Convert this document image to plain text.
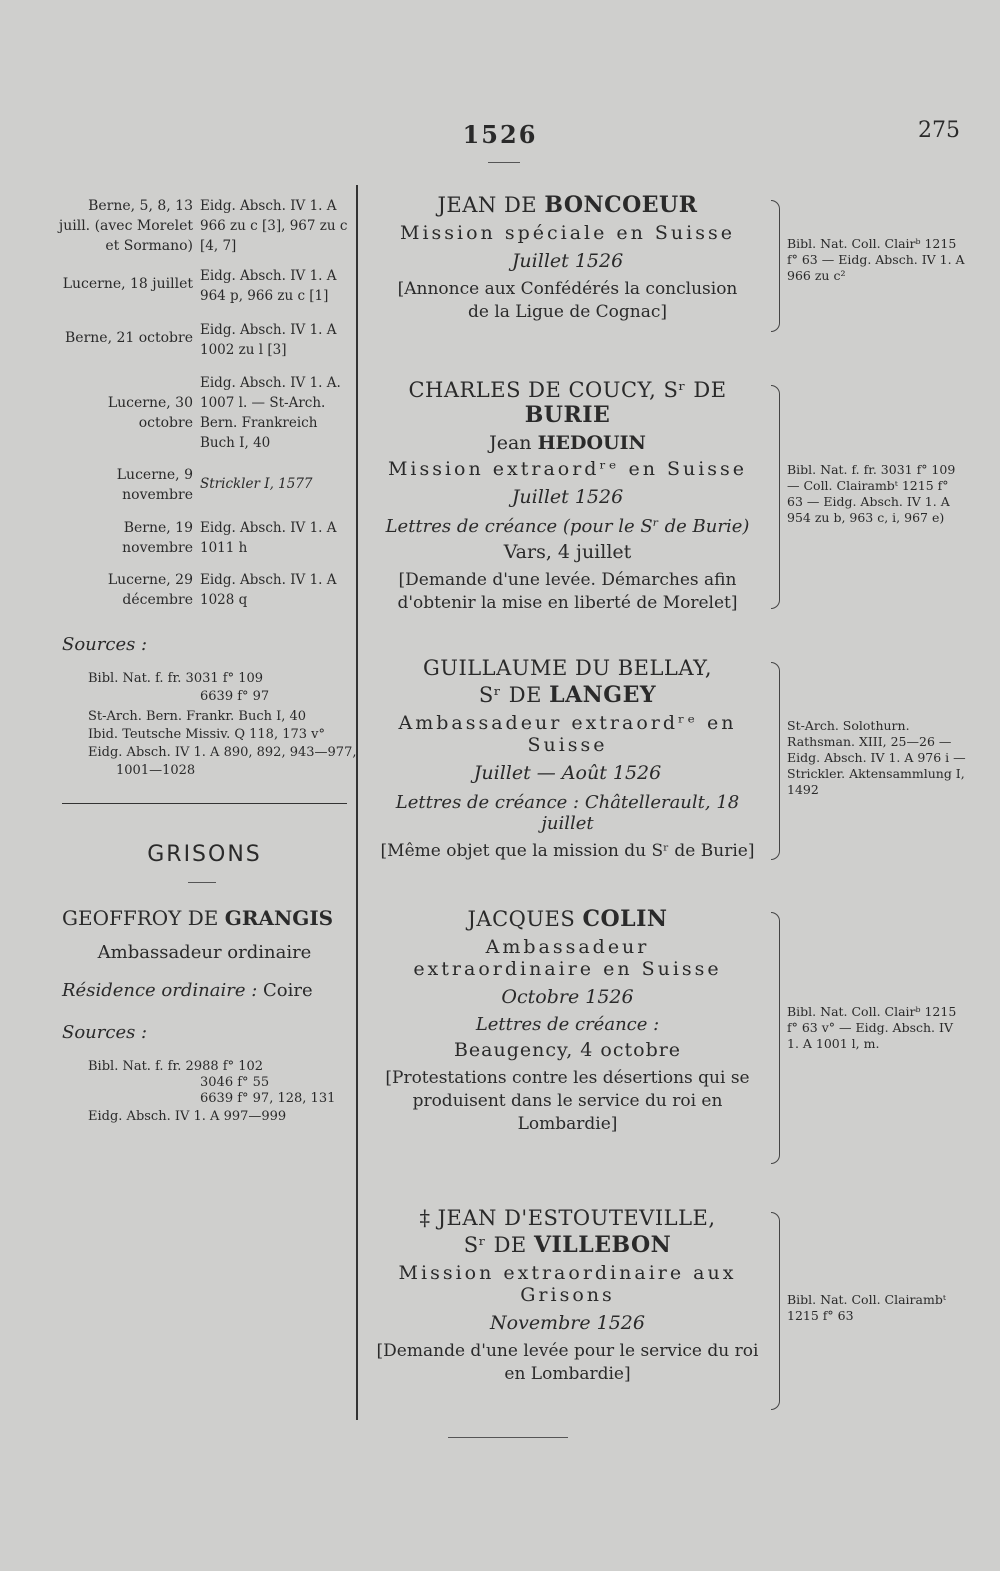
1526	275
Berne, 5, 8, 13 juill. (avec Morelet et Sormano)
Eidg. Absch. IV 1. A 966 zu c [3], 967 zu c [4, 7]
Lucerne, 18 juillet Eidg. Absch. IV 1. A 964 p, 966 zu c [1]
Berne, 21 octobre Eidg. Absch. IV 1. A 1002 zu l [3]
Lucerne, 30 octobre
Eidg. Absch. IV 1. A. 1007 l. — St-Arch. Bern. Frankreich Buch I, 40
Lucerne, 9 novembre
Strickler I, 1577
Berne, 19 novembre
Eidg. Absch. IV 1. A 1011 h
Lucerne, 29 décembre
Eidg. Absch. IV 1. A 1028 q
Sources :
Bibl. Nat. f. fr. 3031 f° 109
6639 f° 97
St-Arch. Bern. Frankr. Buch I, 40
Ibid. Teutsche Missiv. Q 118, 173 v°
Eidg. Absch. IV 1. A 890, 892, 943—977,
1001—1028
GRISONS
GEOFFROY DE GRANGIS
Ambassadeur ordinaire
Résidence ordinaire : Coire
Sources :
Bibl. Nat. f. fr. 2988 f° 102
3046 f° 55
6639 f° 97, 128, 131
Eidg. Absch. IV 1. A 997—999
JEAN DE BONCOEUR
Mission spéciale en Suisse
Juillet 1526
[Annonce aux Confédérés la conclusion de la Ligue de Cognac]
Bibl. Nat. Coll. Clairᵇ 1215 f° 63 — Eidg. Absch. IV 1. A 966 zu c²
CHARLES DE COUCY, Sʳ DE BURIE
Jean HEDOUIN
Mission extraordʳᵉ en Suisse
Juillet 1526
Lettres de créance (pour le Sʳ de Burie)
Vars, 4 juillet
[Demande d'une levée. Démarches afin d'obtenir la mise en liberté de Morelet]
Bibl. Nat. f. fr. 3031 f° 109 — Coll. Clairambᵗ 1215 f° 63 — Eidg. Absch. IV 1. A 954 zu b, 963 c, i, 967 e)
GUILLAUME DU BELLAY,
Sʳ DE LANGEY
Ambassadeur extraordʳᵉ en Suisse
Juillet — Août 1526
Lettres de créance : Châtellerault, 18 juillet
[Même objet que la mission du Sʳ de Burie]
St-Arch. Solothurn. Rathsman. XIII, 25—26 — Eidg. Absch. IV 1. A 976 i — Strickler. Aktensammlung I, 1492
JACQUES COLIN
Ambassadeur extraordinaire en Suisse
Octobre 1526
Lettres de créance :
Beaugency, 4 octobre
[Protestations contre les désertions qui se produisent dans le service du roi en Lombardie]
Bibl. Nat. Coll. Clairᵇ 1215 f° 63 v° — Eidg. Absch. IV 1. A 1001 l, m.
‡ JEAN D'ESTOUTEVILLE,
Sʳ DE VILLEBON
Mission extraordinaire aux Grisons
Novembre 1526
[Demande d'une levée pour le service du roi en Lombardie]
Bibl. Nat. Coll. Clairambᵗ 1215 f° 63
